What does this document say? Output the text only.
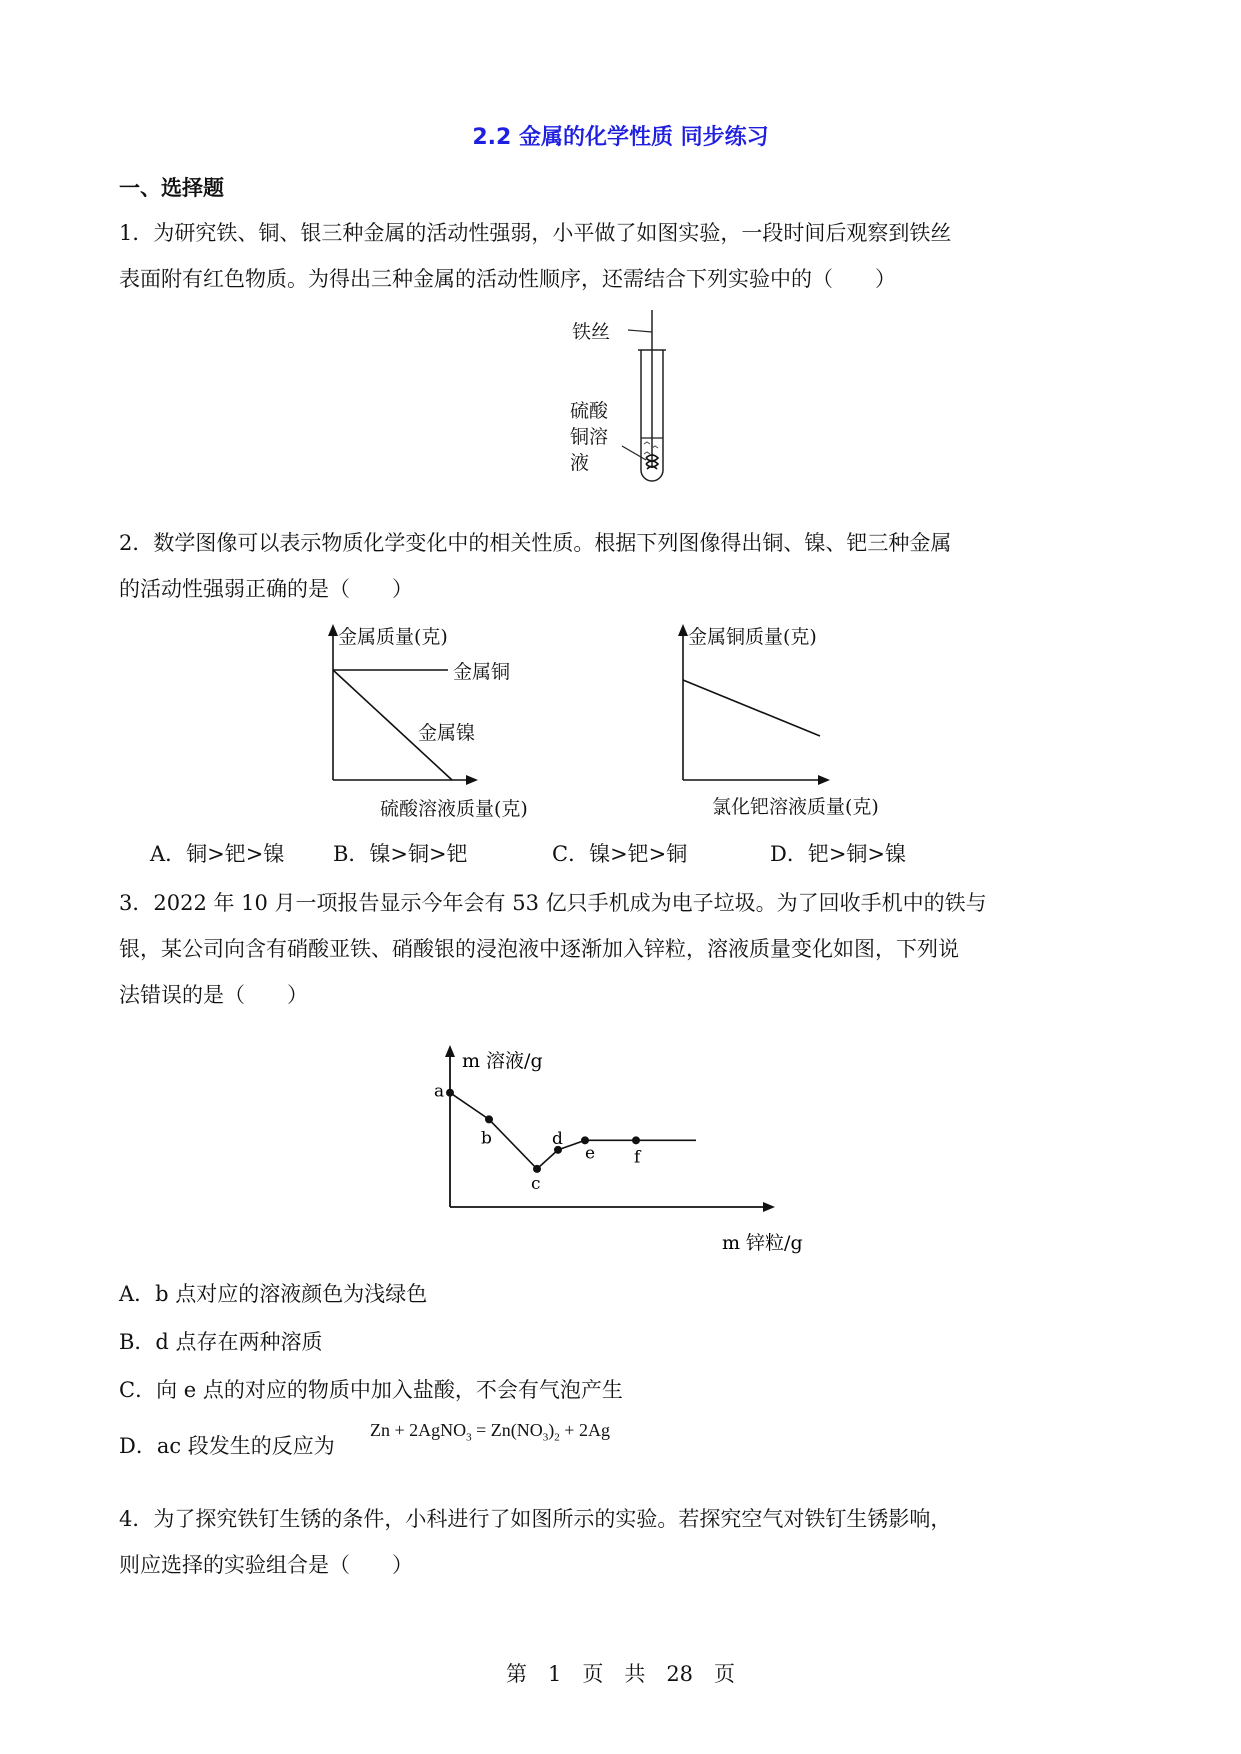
2.2 金属的化学性质 同步练习
一、选择题
1．为研究铁、铜、银三种金属的活动性强弱，小平做了如图实验，一段时间后观察到铁丝
表面附有红色物质。为得出三种金属的活动性顺序，还需结合下列实验中的（　　）
铁丝
硫酸
铜溶
液
2．数学图像可以表示物质化学变化中的相关性质。根据下列图像得出铜、镍、钯三种金属
的活动性强弱正确的是（　　）
金属质量(克)
金属铜
金属镍
硫酸溶液质量(克)
金属铜质量(克)
氯化钯溶液质量(克)
A．铜>钯>镍 B．镍>铜>钯	C．镍>钯>铜	D．钯>铜>镍
3．2022 年 10 月一项报告显示今年会有 53 亿只手机成为电子垃圾。为了回收手机中的铁与
银，某公司向含有硝酸亚铁、硝酸银的浸泡液中逐渐加入锌粒，溶液质量变化如图，下列说
法错误的是（　　）
m 溶液/g
m 锌粒/g
a
b
c
d
e f
A．b 点对应的溶液颜色为浅绿色
B．d 点存在两种溶质
C．向 e 点的对应的物质中加入盐酸，不会有气泡产生
D．ac 段发生的反应为
Zn + 2AgNO$_3$ = $Zn(NO_3)_2 + 2Ag$
4．为了探究铁钉生锈的条件，小科进行了如图所示的实验。若探究空气对铁钉生锈影响，
则应选择的实验组合是（　　）
第　1　页　共　28　页
